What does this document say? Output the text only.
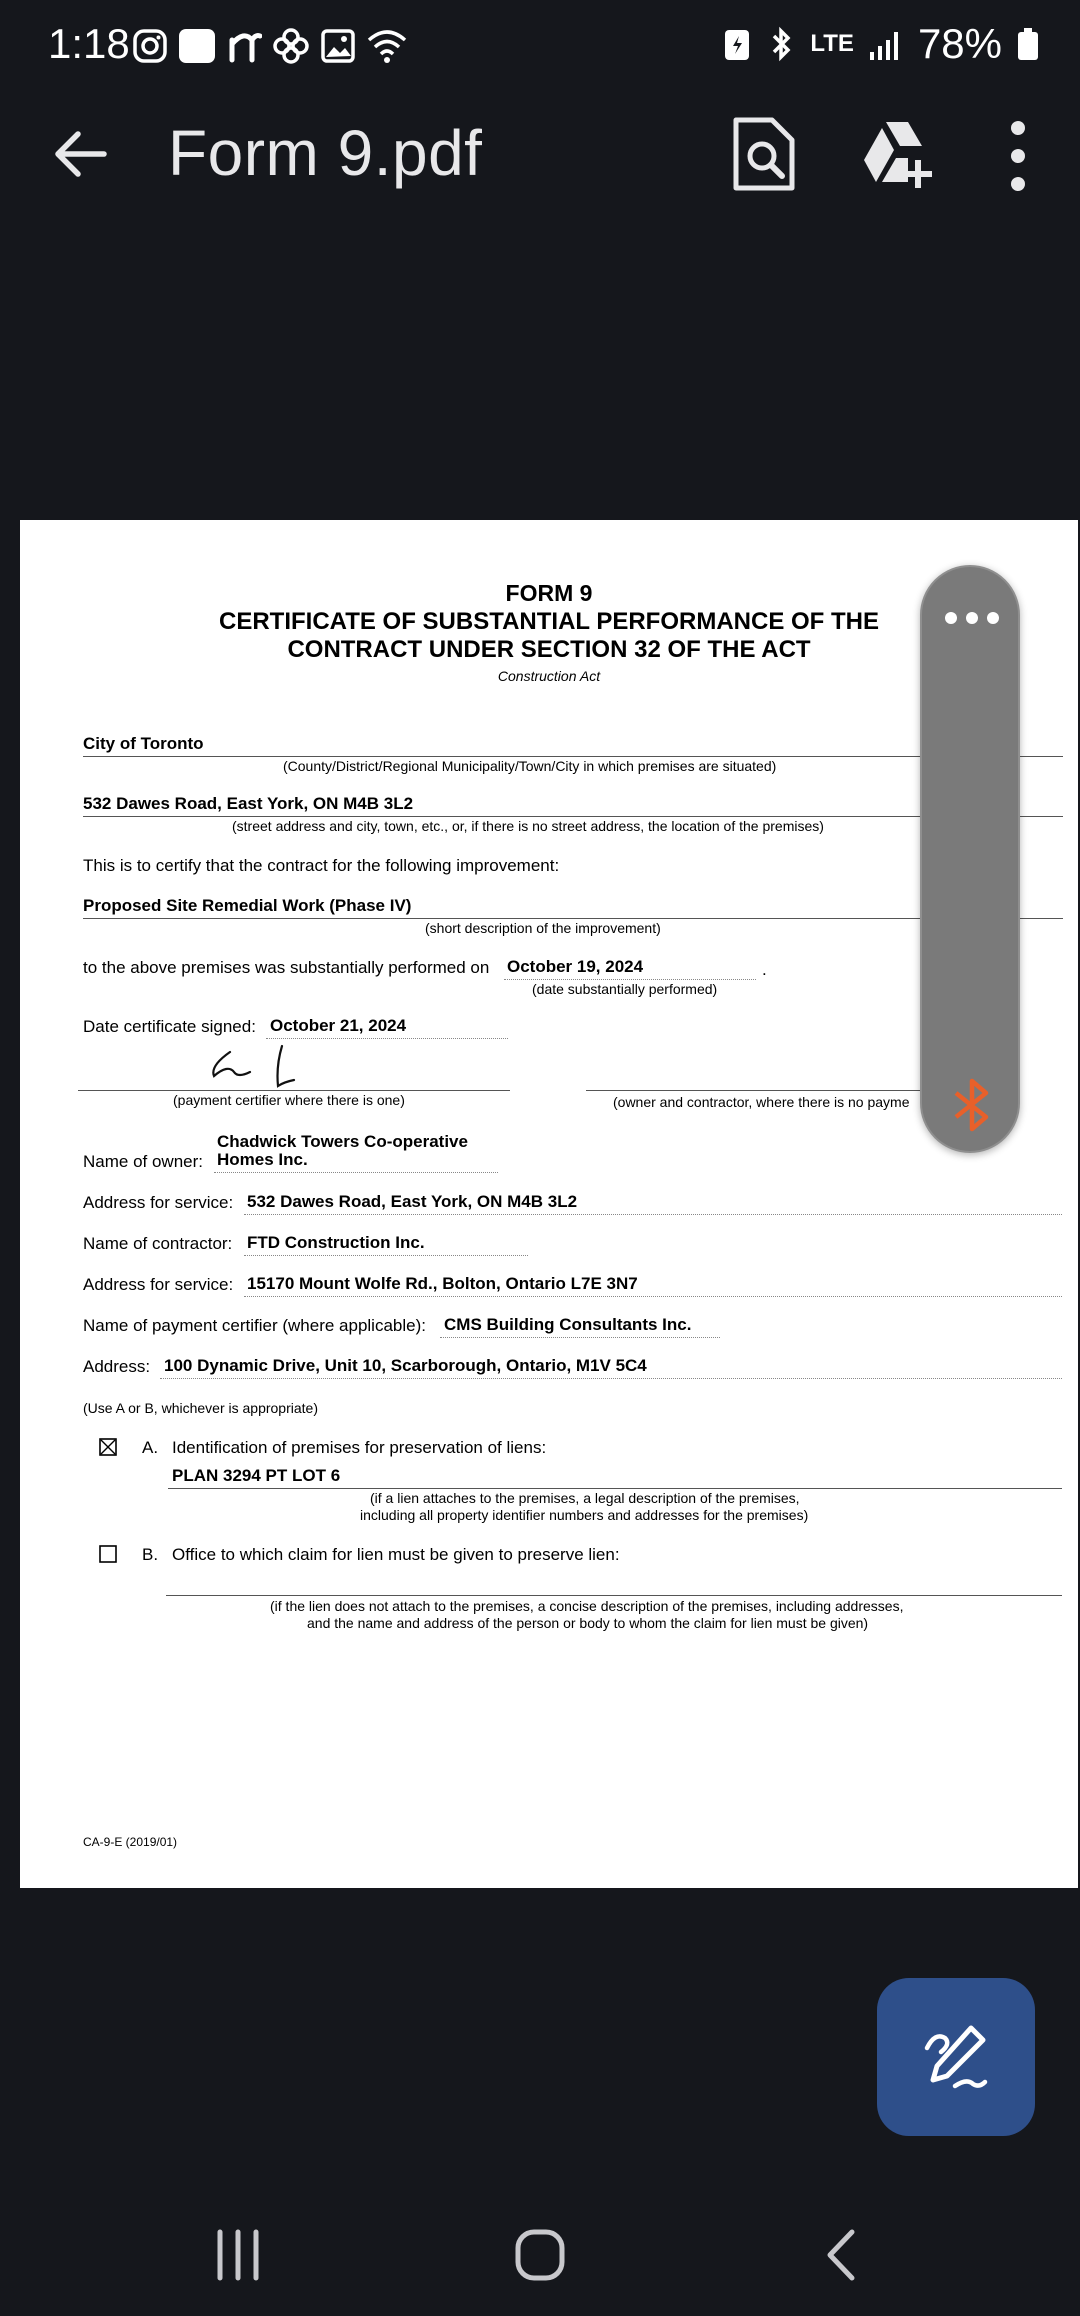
1:18	LTE 78%
Form 9.pdf
FORM 9
CERTIFICATE OF SUBSTANTIAL PERFORMANCE OF THE
CONTRACT UNDER SECTION 32 OF THE ACT
Construction Act
City of Toronto
(County/District/Regional Municipality/Town/City in which premises are situated)
532 Dawes Road, East York, ON M4B 3L2
(street address and city, town, etc., or, if there is no street address, the location of the premises)
This is to certify that the contract for the following improvement:
Proposed Site Remedial Work (Phase IV)
(short description of the improvement)
to the above premises was substantially performed on October 19, 2024	.
(date substantially performed)
Date certificate signed: October 21, 2024
(payment certifier where there is one)	(owner and contractor, where there is no payme
Chadwick Towers Co-operative
Name of owner: Homes Inc.
Address for service: 532 Dawes Road, East York, ON M4B 3L2
Name of contractor: FTD Construction Inc.
Address for service: 15170 Mount Wolfe Rd., Bolton, Ontario L7E 3N7
Name of payment certifier (where applicable): CMS Building Consultants Inc.
Address: 100 Dynamic Drive, Unit 10, Scarborough, Ontario, M1V 5C4
(Use A or B, whichever is appropriate)
A. Identification of premises for preservation of liens:
PLAN 3294 PT LOT 6
(if a lien attaches to the premises, a legal description of the premises,
including all property identifier numbers and addresses for the premises)
B. Office to which claim for lien must be given to preserve lien:
(if the lien does not attach to the premises, a concise description of the premises, including addresses,
and the name and address of the person or body to whom the claim for lien must be given)
CA-9-E (2019/01)
